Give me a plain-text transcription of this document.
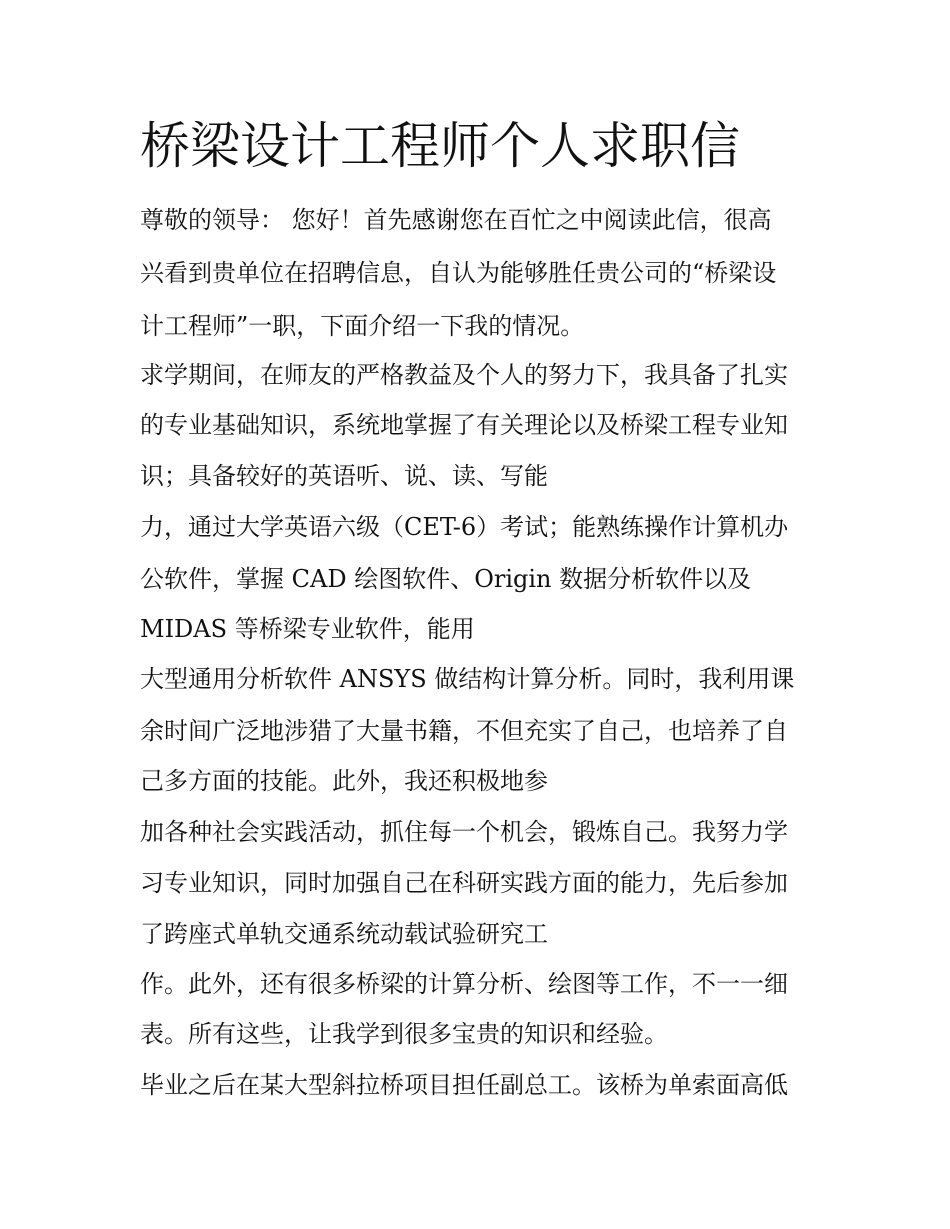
桥梁设计工程师个人求职信

尊敬的领导： 您好！首先感谢您在百忙之中阅读此信，很高

兴看到贵单位在招聘信息，自认为能够胜任贵公司的“桥梁设

计工程师”一职，下面介绍一下我的情况。

求学期间，在师友的严格教益及个人的努力下，我具备了扎实

的专业基础知识，系统地掌握了有关理论以及桥梁工程专业知

识；具备较好的英语听、说、读、写能

力，通过大学英语六级（CET-6）考试；能熟练操作计算机办

公软件，掌握 CAD 绘图软件、Origin 数据分析软件以及

MIDAS 等桥梁专业软件，能用

大型通用分析软件 ANSYS 做结构计算分析。同时，我利用课

余时间广泛地涉猎了大量书籍，不但充实了自己，也培养了自

己多方面的技能。此外，我还积极地参

加各种社会实践活动，抓住每一个机会，锻炼自己。我努力学

习专业知识，同时加强自己在科研实践方面的能力，先后参加

了跨座式单轨交通系统动载试验研究工

作。此外，还有很多桥梁的计算分析、绘图等工作，不一一细

表。所有这些，让我学到很多宝贵的知识和经验。

毕业之后在某大型斜拉桥项目担任副总工。该桥为单索面高低
